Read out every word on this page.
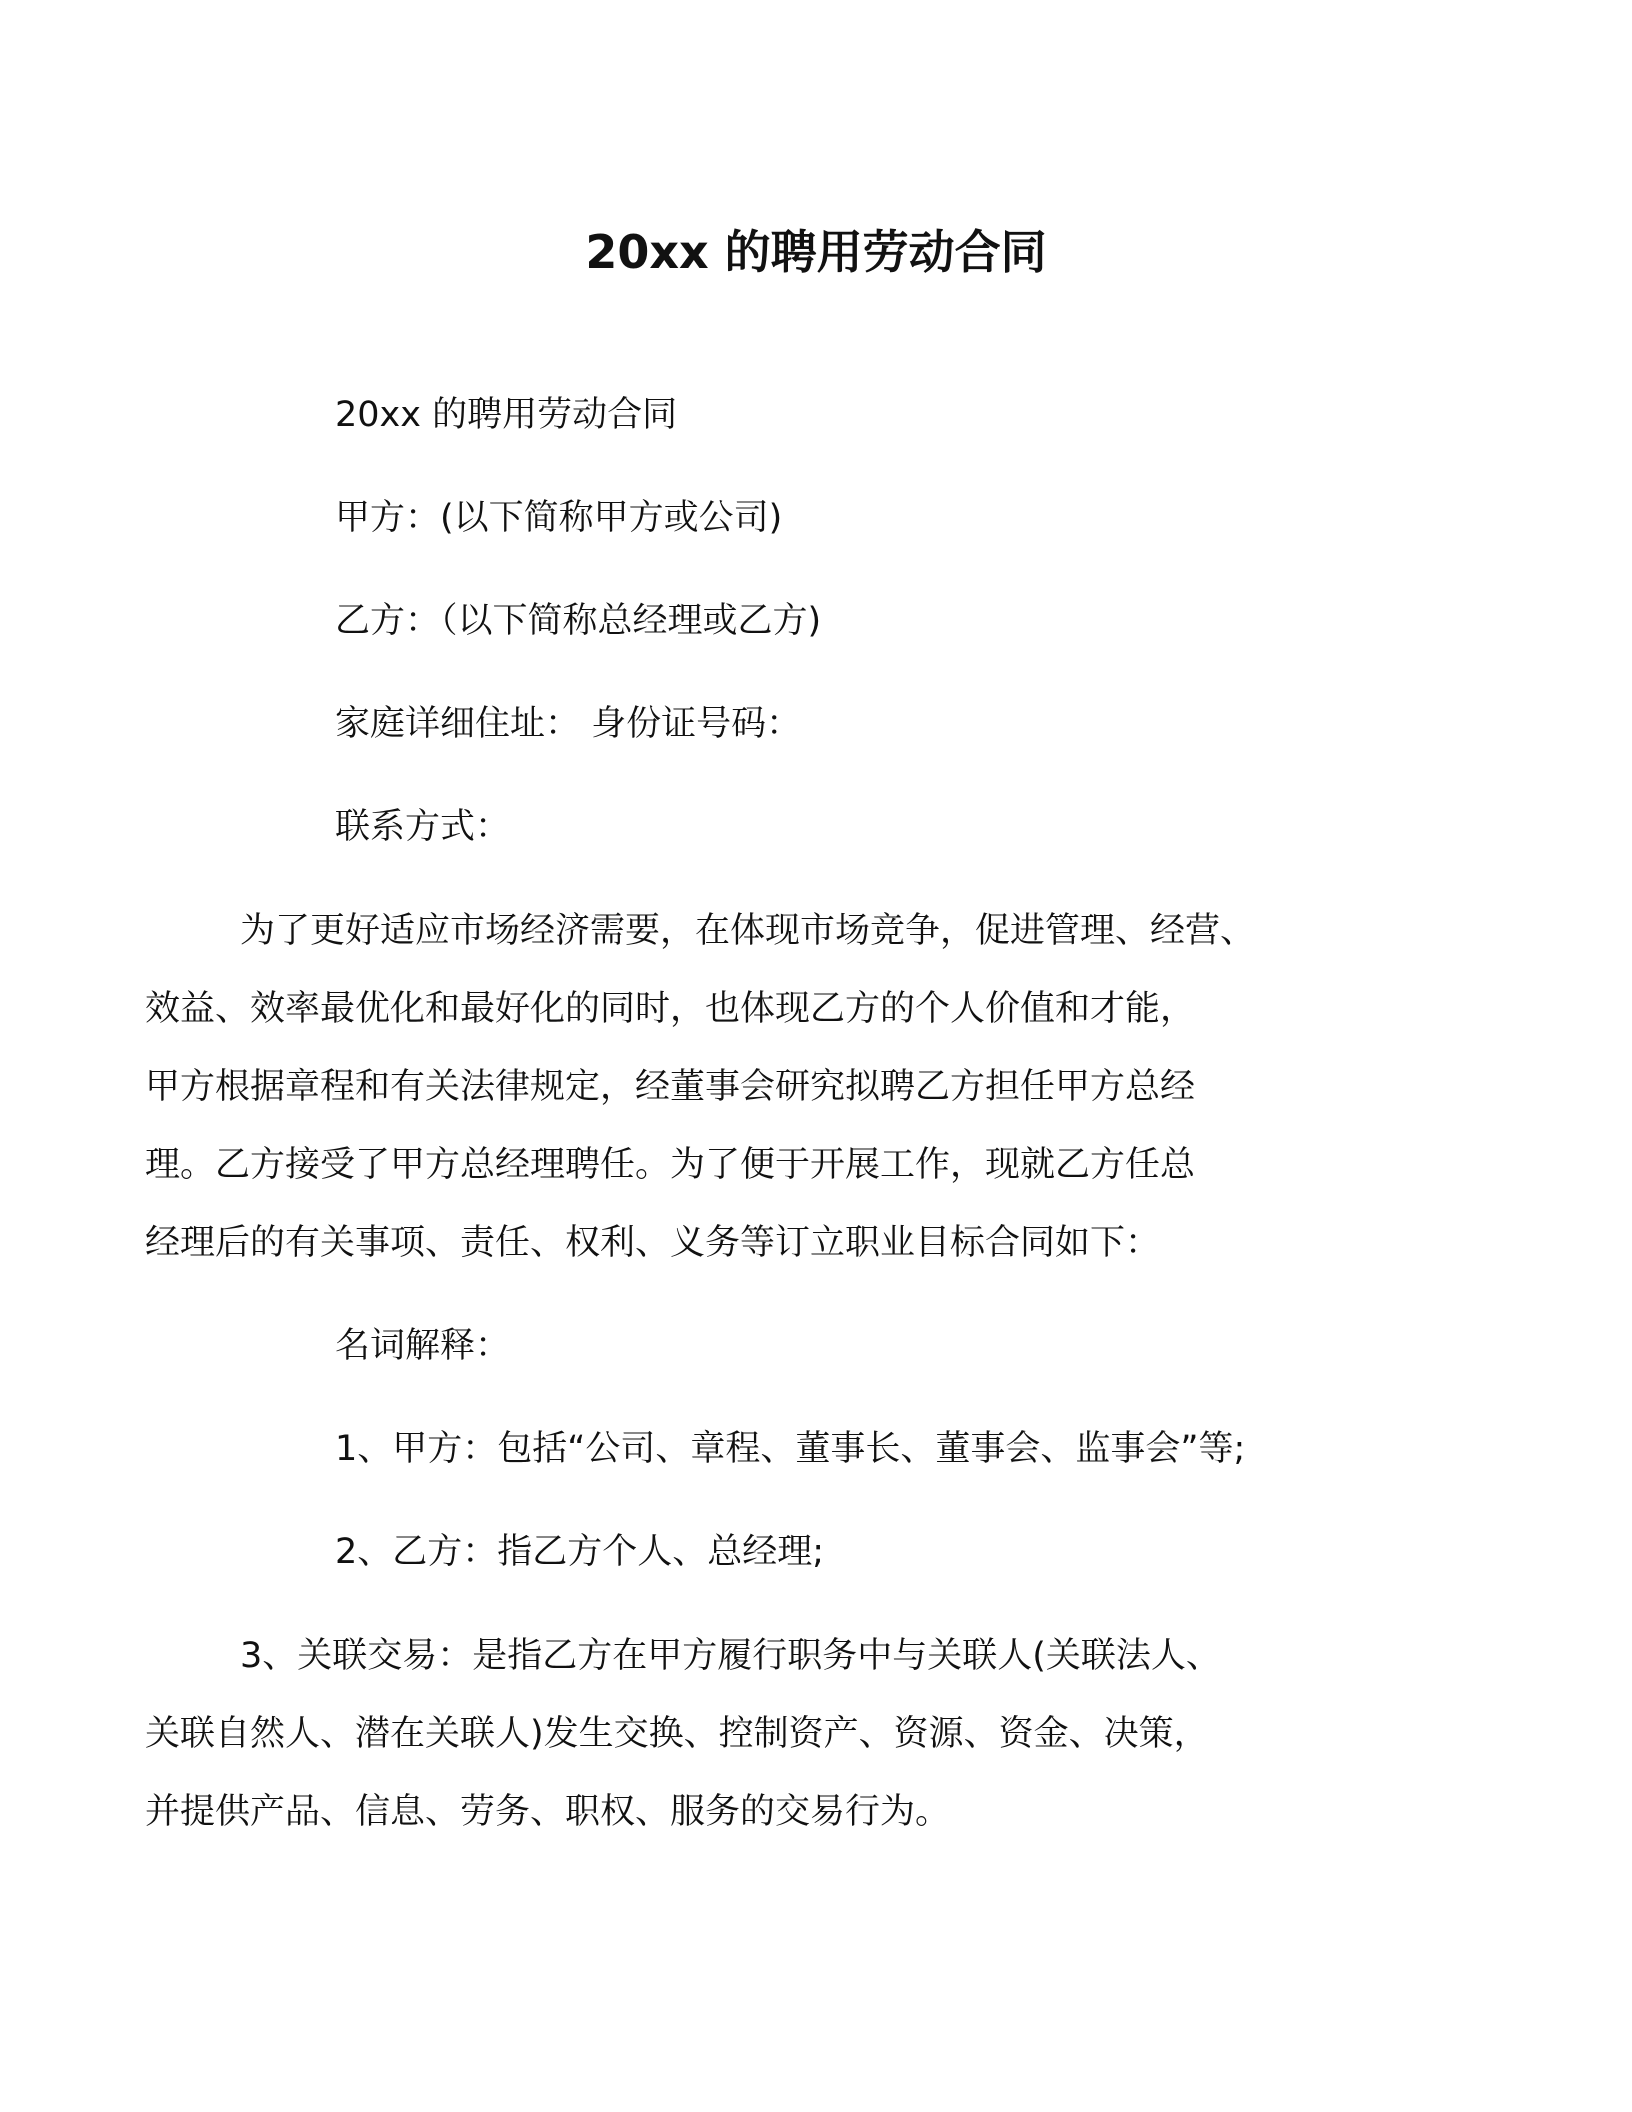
20xx 的聘用劳动合同

20xx 的聘用劳动合同

甲方：(以下简称甲方或公司)

乙方：（以下简称总经理或乙方)

家庭详细住址： 身份证号码：

联系方式：

为了更好适应市场经济需要，在体现市场竞争，促进管理、经营、
效益、效率最优化和最好化的同时，也体现乙方的个人价值和才能，
甲方根据章程和有关法律规定，经董事会研究拟聘乙方担任甲方总经
理。乙方接受了甲方总经理聘任。为了便于开展工作，现就乙方任总
经理后的有关事项、责任、权利、义务等订立职业目标合同如下：

名词解释：

1、甲方：包括“公司、章程、董事长、董事会、监事会”等;

2、乙方：指乙方个人、总经理;

3、关联交易：是指乙方在甲方履行职务中与关联人(关联法人、
关联自然人、潜在关联人)发生交换、控制资产、资源、资金、决策，
并提供产品、信息、劳务、职权、服务的交易行为。
